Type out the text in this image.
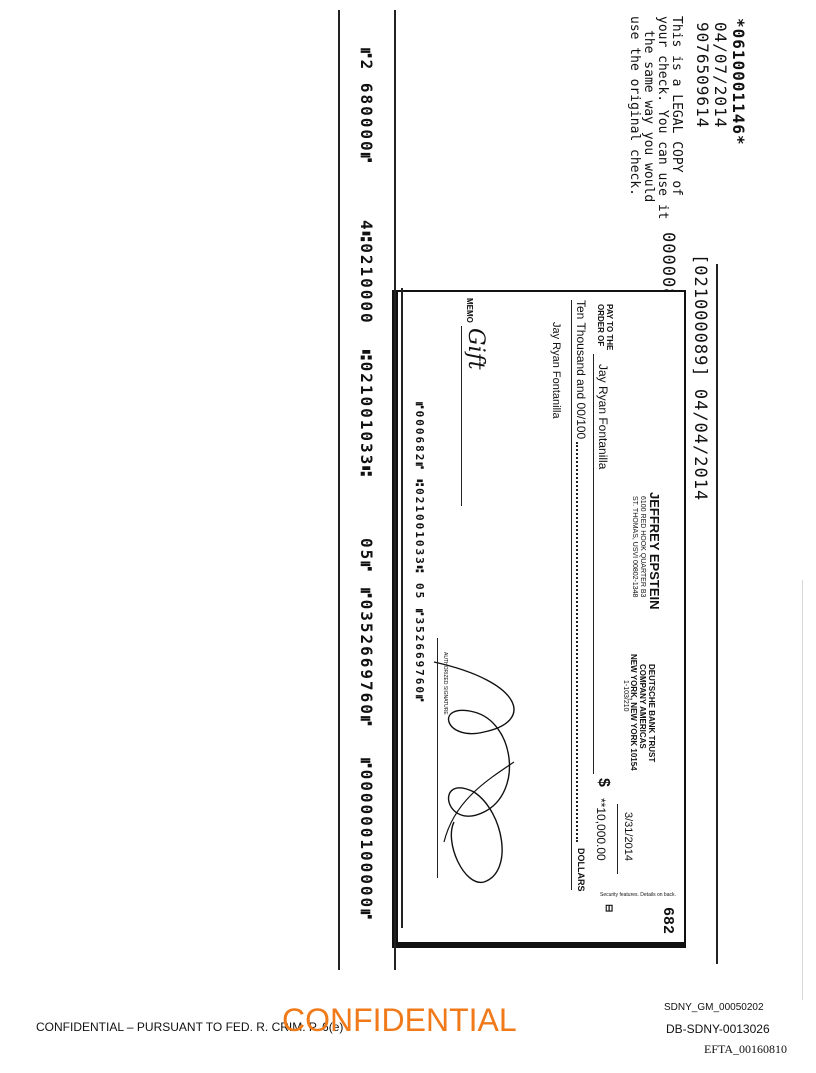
*0610001146*
04/07/2014
9076509614
This is a LEGAL COPY of
your check. You can use it
the same way you would
use the original check.
[021000089] 04/04/2014
682
JEFFREY EPSTEIN
6100 RED HOOK QUARTER B3
ST. THOMAS, USVI 00802-1348
DEUTSCHE BANK TRUST
COMPANY AMERICAS
NEW YORK, NEW YORK 10154
1-103/210
3/31/2014
PAY TO THE
ORDER OF
Jay Ryan Fontanilla
$
**10,000.00
Ten Thousand and 00/100
DOLLARS
⊟
Security features. Details on back.
Jay Ryan Fontanilla
MEMO
Gift
AUTHORIZED SIGNATURE
⑈000682⑈ ⑆021001033⑆ 05 ⑈352669760⑈
⑈2 680000⑈
4⑆0210000
⑆021001033⑆
05⑈
⑈0352669760⑈
⑈000000100000⑈
CONFIDENTIAL – PURSUANT TO FED. R. CRIM. P. 6(e)
CONFIDENTIAL	SDNY_GM_00050202
DB-SDNY-0013026
EFTA_00160810
